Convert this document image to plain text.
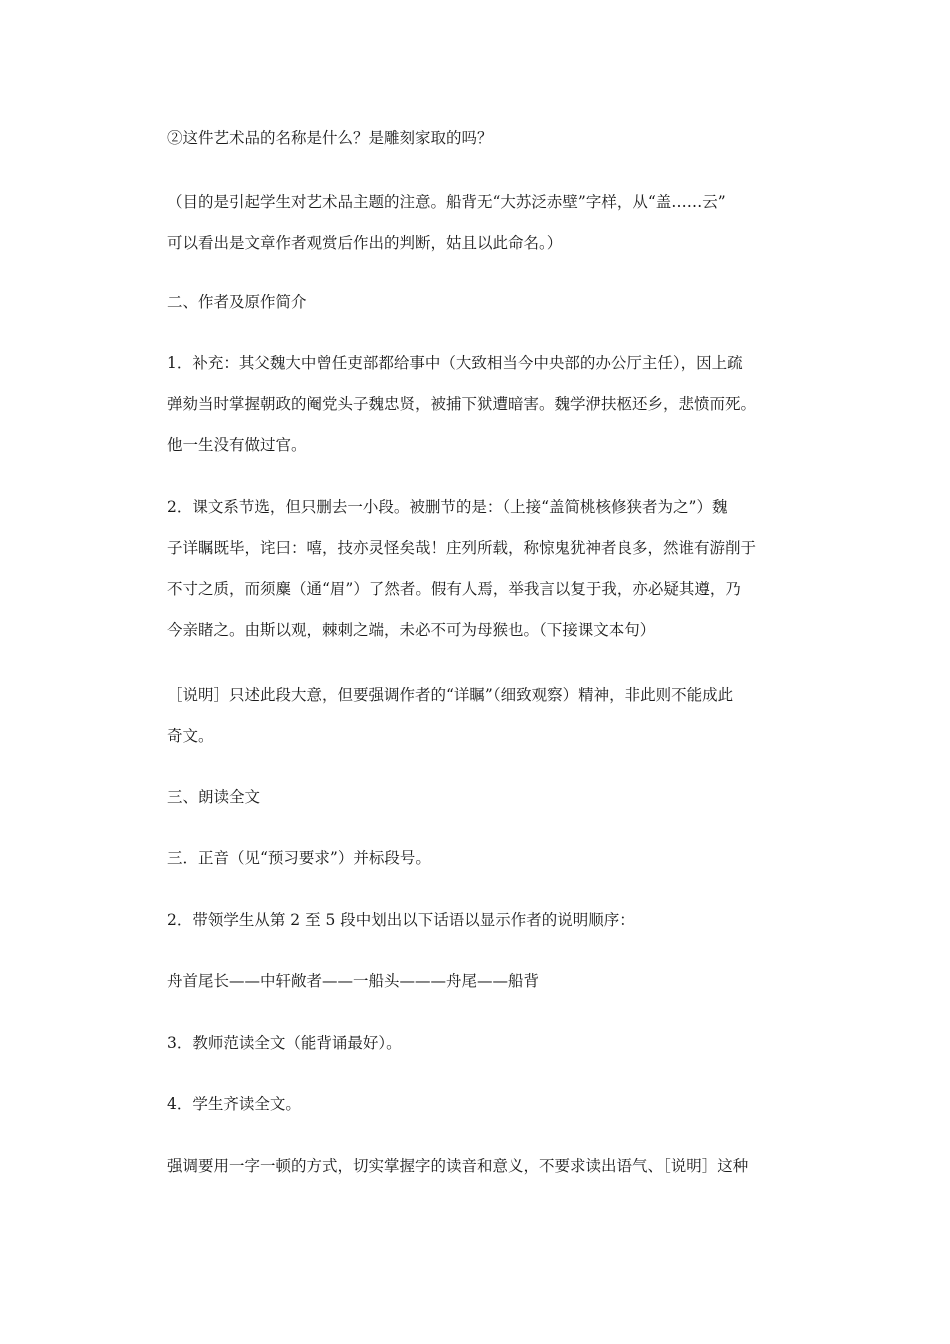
②这件艺术品的名称是什么？是雕刻家取的吗？

（目的是引起学生对艺术品主题的注意。船背无“大苏泛赤壁”字样，从“盖……云”
可以看出是文章作者观赏后作出的判断，姑且以此命名。）

二、作者及原作简介

1．补充：其父魏大中曾任吏部都给事中（大致相当今中央部的办公厅主任），因上疏
弹劾当时掌握朝政的阉党头子魏忠贤，被捕下狱遭暗害。魏学洢扶柩还乡，悲愤而死。
他一生没有做过官。

2．课文系节选，但只删去一小段。被删节的是：（上接“盖简桃核修狭者为之”）魏
子详瞩既毕，诧曰：嘻，技亦灵怪矣哉！庄列所载，称惊鬼犹神者良多，然谁有游削于
不寸之质，而须麋（通“眉”）了然者。假有人焉，举我言以复于我，亦必疑其遵，乃
今亲睹之。由斯以观，棘刺之端，未必不可为母猴也。（下接课文本句）

［说明］只述此段大意，但要强调作者的“详瞩”（细致观察）精神，非此则不能成此
奇文。

三、朗读全文

三．正音（见“预习要求”）并标段号。

2．带领学生从第 2 至 5 段中划出以下话语以显示作者的说明顺序：

舟首尾长——中轩敞者——一船头———舟尾——船背

3．教师范读全文（能背诵最好）。

4．学生齐读全文。

强调要用一字一顿的方式，切实掌握字的读音和意义，不要求读出语气、［说明］这种
